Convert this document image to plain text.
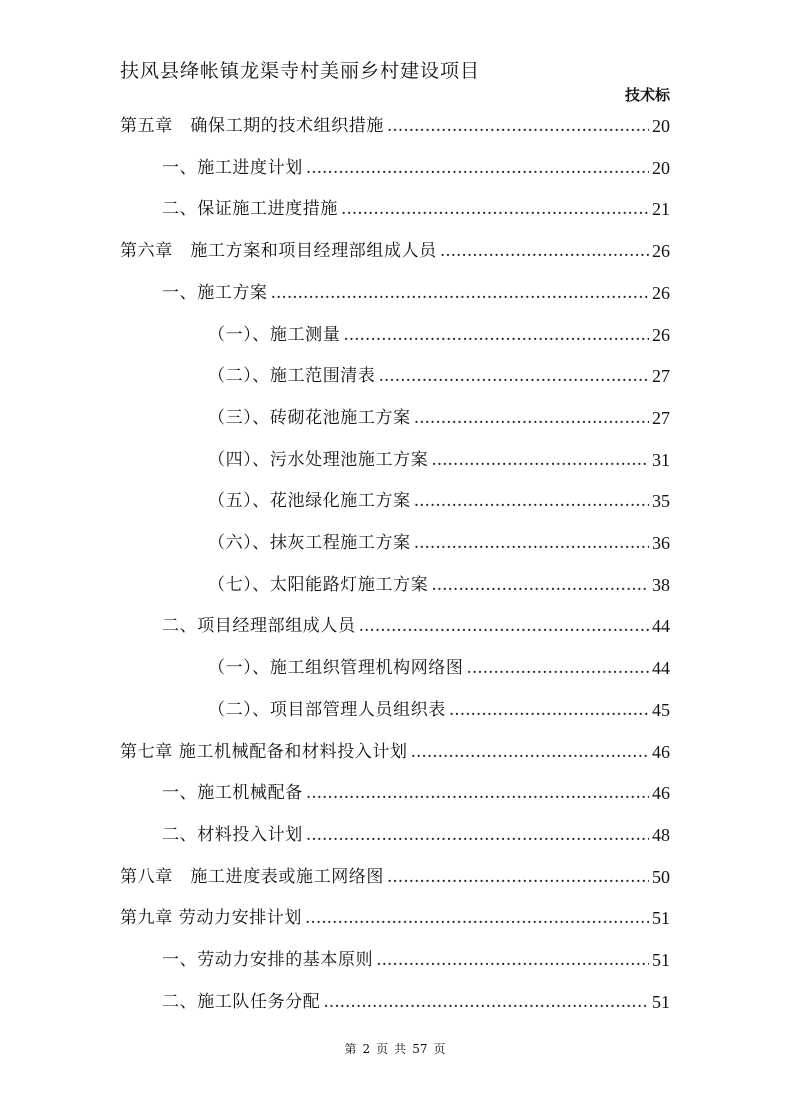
扶风县绛帐镇龙渠寺村美丽乡村建设项目
技术标
第五章　确保工期的技术组织措施 .....	20
一、施工进度计划 .....	20
二、保证施工进度措施 .....	21
第六章　施工方案和项目经理部组成人员 .....	26
一、施工方案 .....	26
（一）、施工测量 .....	26
（二）、施工范围清表 .....	27
（三）、砖砌花池施工方案 .....	27
（四）、污水处理池施工方案 .....	31
（五）、花池绿化施工方案 .....	35
（六）、抹灰工程施工方案 .....	36
（七）、太阳能路灯施工方案 .....	38
二、项目经理部组成人员 .....	44
（一）、施工组织管理机构网络图 .....	44
（二）、项目部管理人员组织表 .....	45
第七章 施工机械配备和材料投入计划 .....	46
一、施工机械配备 .....	46
二、材料投入计划 .....	48
第八章　施工进度表或施工网络图 .....	50
第九章 劳动力安排计划 .....	51
一、劳动力安排的基本原则 .....	51
二、施工队任务分配 .....	51
第 2 页 共 57 页
